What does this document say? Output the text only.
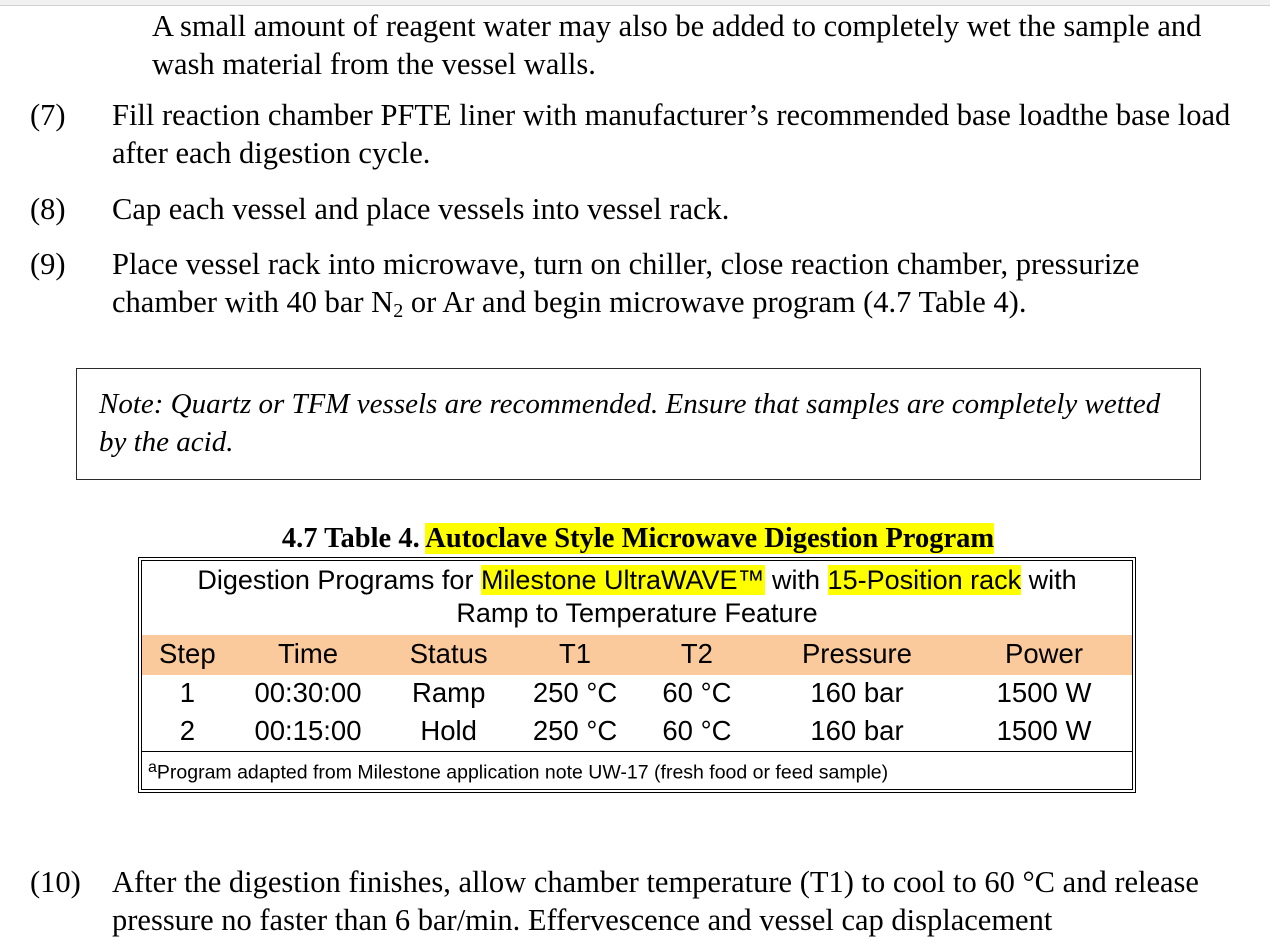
A small amount of reagent water may also be added to completely wet the sample and wash material from the vessel walls.

(7)	Fill reaction chamber PFTE liner with manufacturer’s recommended base loadthe base load after each digestion cycle.
(8)	Cap each vessel and place vessels into vessel rack.
(9)	Place vessel rack into microwave, turn on chiller, close reaction chamber, pressurize chamber with 40 bar $N_2$ or Ar and begin microwave program (4.7 Table 4).
Note: Quartz or TFM vessels are recommended. Ensure that samples are completely wetted by the acid.
4.7 Table 4. Autoclave Style Microwave Digestion Program
Digestion Programs for Milestone UltraWAVE™ with 15-Position rack with
Ramp to Temperature Feature						
Step	Time	Status	T1	T2	Pressure	Power
1	00:30:00	Ramp	250 °C	60 °C	160 bar	1500 W
2	00:15:00	Hold	250 °C	60 °C	160 bar	1500 W
$^a$Program adapted from Milestone application note UW-17 (fresh food or feed sample)						
(10)	After the digestion finishes, allow chamber temperature (T1) to cool to 60 °C and release pressure no faster than 6 bar/min. Effervescence and vessel cap displacement
